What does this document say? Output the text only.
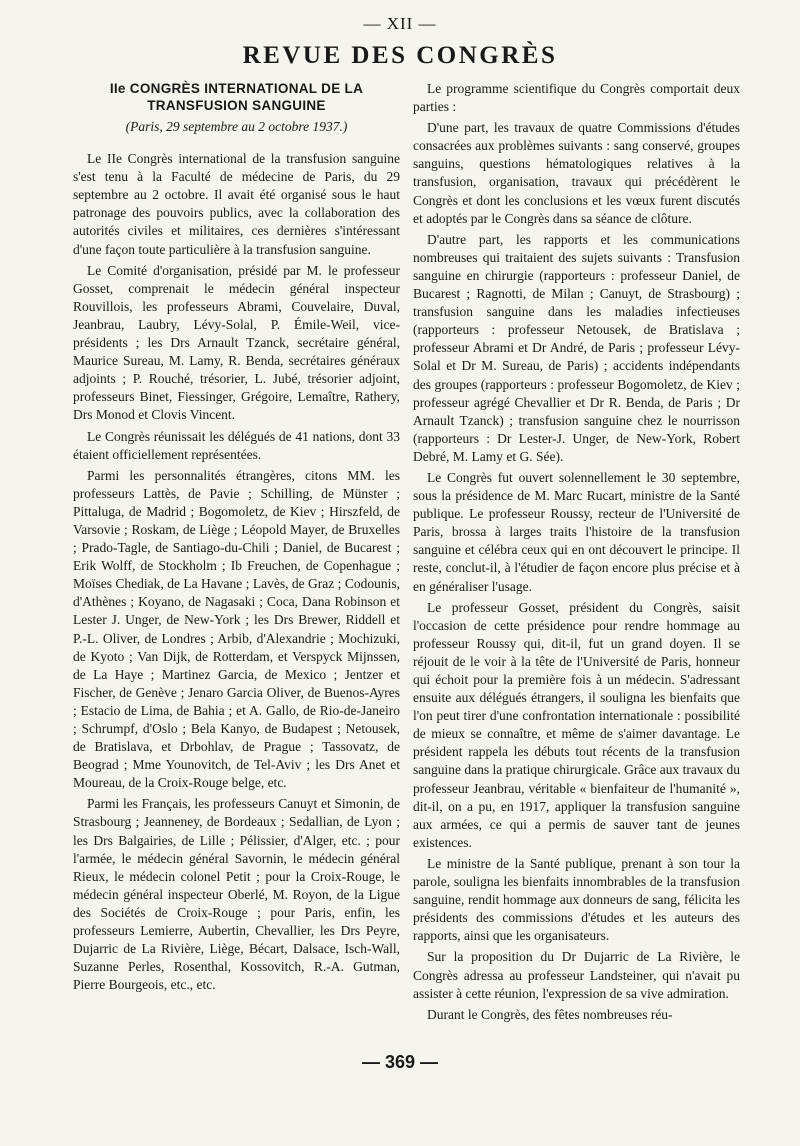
— XII —
REVUE DES CONGRÈS
IIe CONGRÈS INTERNATIONAL DE LA TRANSFUSION SANGUINE
(Paris, 29 septembre au 2 octobre 1937.)

Le IIe Congrès international de la transfusion sanguine s'est tenu à la Faculté de médecine de Paris, du 29 septembre au 2 octobre. Il avait été organisé sous le haut patronage des pouvoirs publics, avec la collaboration des autorités civiles et militaires, ces dernières s'intéressant d'une façon toute particulière à la transfusion sanguine.

Le Comité d'organisation, présidé par M. le professeur Gosset, comprenait le médecin général inspecteur Rouvillois, les professeurs Abrami, Couvelaire, Duval, Jeanbrau, Laubry, Lévy-Solal, P. Émile-Weil, vice-présidents ; les Drs Arnault Tzanck, secrétaire général, Maurice Sureau, M. Lamy, R. Benda, secrétaires généraux adjoints ; P. Rouché, trésorier, L. Jubé, trésorier adjoint, professeurs Binet, Fiessinger, Grégoire, Lemaître, Rathery, Drs Monod et Clovis Vincent.

Le Congrès réunissait les délégués de 41 nations, dont 33 étaient officiellement représentées.

Parmi les personnalités étrangères, citons MM. les professeurs Lattès, de Pavie ; Schilling, de Münster ; Pittaluga, de Madrid ; Bogomoletz, de Kiev ; Hirszfeld, de Varsovie ; Roskam, de Liège ; Léopold Mayer, de Bruxelles ; Prado-Tagle, de Santiago-du-Chili ; Daniel, de Bucarest ; Erik Wolff, de Stockholm ; Ib Freuchen, de Copenhague ; Moïses Chediak, de La Havane ; Lavès, de Graz ; Codounis, d'Athènes ; Koyano, de Nagasaki ; Coca, Dana Robinson et Lester J. Unger, de New-York ; les Drs Brewer, Riddell et P.-L. Oliver, de Londres ; Arbib, d'Alexandrie ; Mochizuki, de Kyoto ; Van Dijk, de Rotterdam, et Verspyck Mijnssen, de La Haye ; Martinez Garcia, de Mexico ; Jentzer et Fischer, de Genève ; Jenaro Garcia Oliver, de Buenos-Ayres ; Estacio de Lima, de Bahia ; et A. Gallo, de Rio-de-Janeiro ; Schrumpf, d'Oslo ; Bela Kanyo, de Budapest ; Netousek, de Bratislava, et Drbohlav, de Prague ; Tassovatz, de Beograd ; Mme Younovitch, de Tel-Aviv ; les Drs Anet et Moureau, de la Croix-Rouge belge, etc.

Parmi les Français, les professeurs Canuyt et Simonin, de Strasbourg ; Jeanneney, de Bordeaux ; Sedallian, de Lyon ; les Drs Balgairies, de Lille ; Pélissier, d'Alger, etc. ; pour l'armée, le médecin général Savornin, le médecin général Rieux, le médecin colonel Petit ; pour la Croix-Rouge, le médecin général inspecteur Oberlé, M. Royon, de la Ligue des Sociétés de Croix-Rouge ; pour Paris, enfin, les professeurs Lemierre, Aubertin, Chevallier, les Drs Peyre, Dujarric de La Rivière, Liège, Bécart, Dalsace, Isch-Wall, Suzanne Perles, Rosenthal, Kossovitch, R.-A. Gutman, Pierre Bourgeois, etc., etc.

Le programme scientifique du Congrès comportait deux parties :

D'une part, les travaux de quatre Commissions d'études consacrées aux problèmes suivants : sang conservé, groupes sanguins, questions hématologiques relatives à la transfusion, organisation, travaux qui précédèrent le Congrès et dont les conclusions et les vœux furent discutés et adoptés par le Congrès dans sa séance de clôture.

D'autre part, les rapports et les communications nombreuses qui traitaient des sujets suivants : Transfusion sanguine en chirurgie (rapporteurs : professeur Daniel, de Bucarest ; Ragnotti, de Milan ; Canuyt, de Strasbourg) ; transfusion sanguine dans les maladies infectieuses (rapporteurs : professeur Netousek, de Bratislava ; professeur Abrami et Dr André, de Paris ; professeur Lévy-Solal et Dr M. Sureau, de Paris) ; accidents indépendants des groupes (rapporteurs : professeur Bogomoletz, de Kiev ; professeur agrégé Chevallier et Dr R. Benda, de Paris ; Dr Arnault Tzanck) ; transfusion sanguine chez le nourrisson (rapporteurs : Dr Lester-J. Unger, de New-York, Robert Debré, M. Lamy et G. Sée).

Le Congrès fut ouvert solennellement le 30 septembre, sous la présidence de M. Marc Rucart, ministre de la Santé publique. Le professeur Roussy, recteur de l'Université de Paris, brossa à larges traits l'histoire de la transfusion sanguine et célébra ceux qui en ont découvert le principe. Il reste, conclut-il, à l'étudier de façon encore plus précise et à en généraliser l'usage.

Le professeur Gosset, président du Congrès, saisit l'occasion de cette présidence pour rendre hommage au professeur Roussy qui, dit-il, fut un grand doyen. Il se réjouit de le voir à la tête de l'Université de Paris, honneur qui échoit pour la première fois à un médecin. S'adressant ensuite aux délégués étrangers, il souligna les bienfaits que l'on peut tirer d'une confrontation internationale : possibilité de mieux se connaître, et même de s'aimer davantage. Le président rappela les débuts tout récents de la transfusion sanguine dans la pratique chirurgicale. Grâce aux travaux du professeur Jeanbrau, véritable « bienfaiteur de l'humanité », dit-il, on a pu, en 1917, appliquer la transfusion sanguine aux armées, ce qui a permis de sauver tant de jeunes existences.

Le ministre de la Santé publique, prenant à son tour la parole, souligna les bienfaits innombrables de la transfusion sanguine, rendit hommage aux donneurs de sang, félicita les présidents des commissions d'études et les auteurs des rapports, ainsi que les organisateurs.

Sur la proposition du Dr Dujarric de La Rivière, le Congrès adressa au professeur Landsteiner, qui n'avait pu assister à cette réunion, l'expression de sa vive admiration.

Durant le Congrès, des fêtes nombreuses réu-

— 369 —
